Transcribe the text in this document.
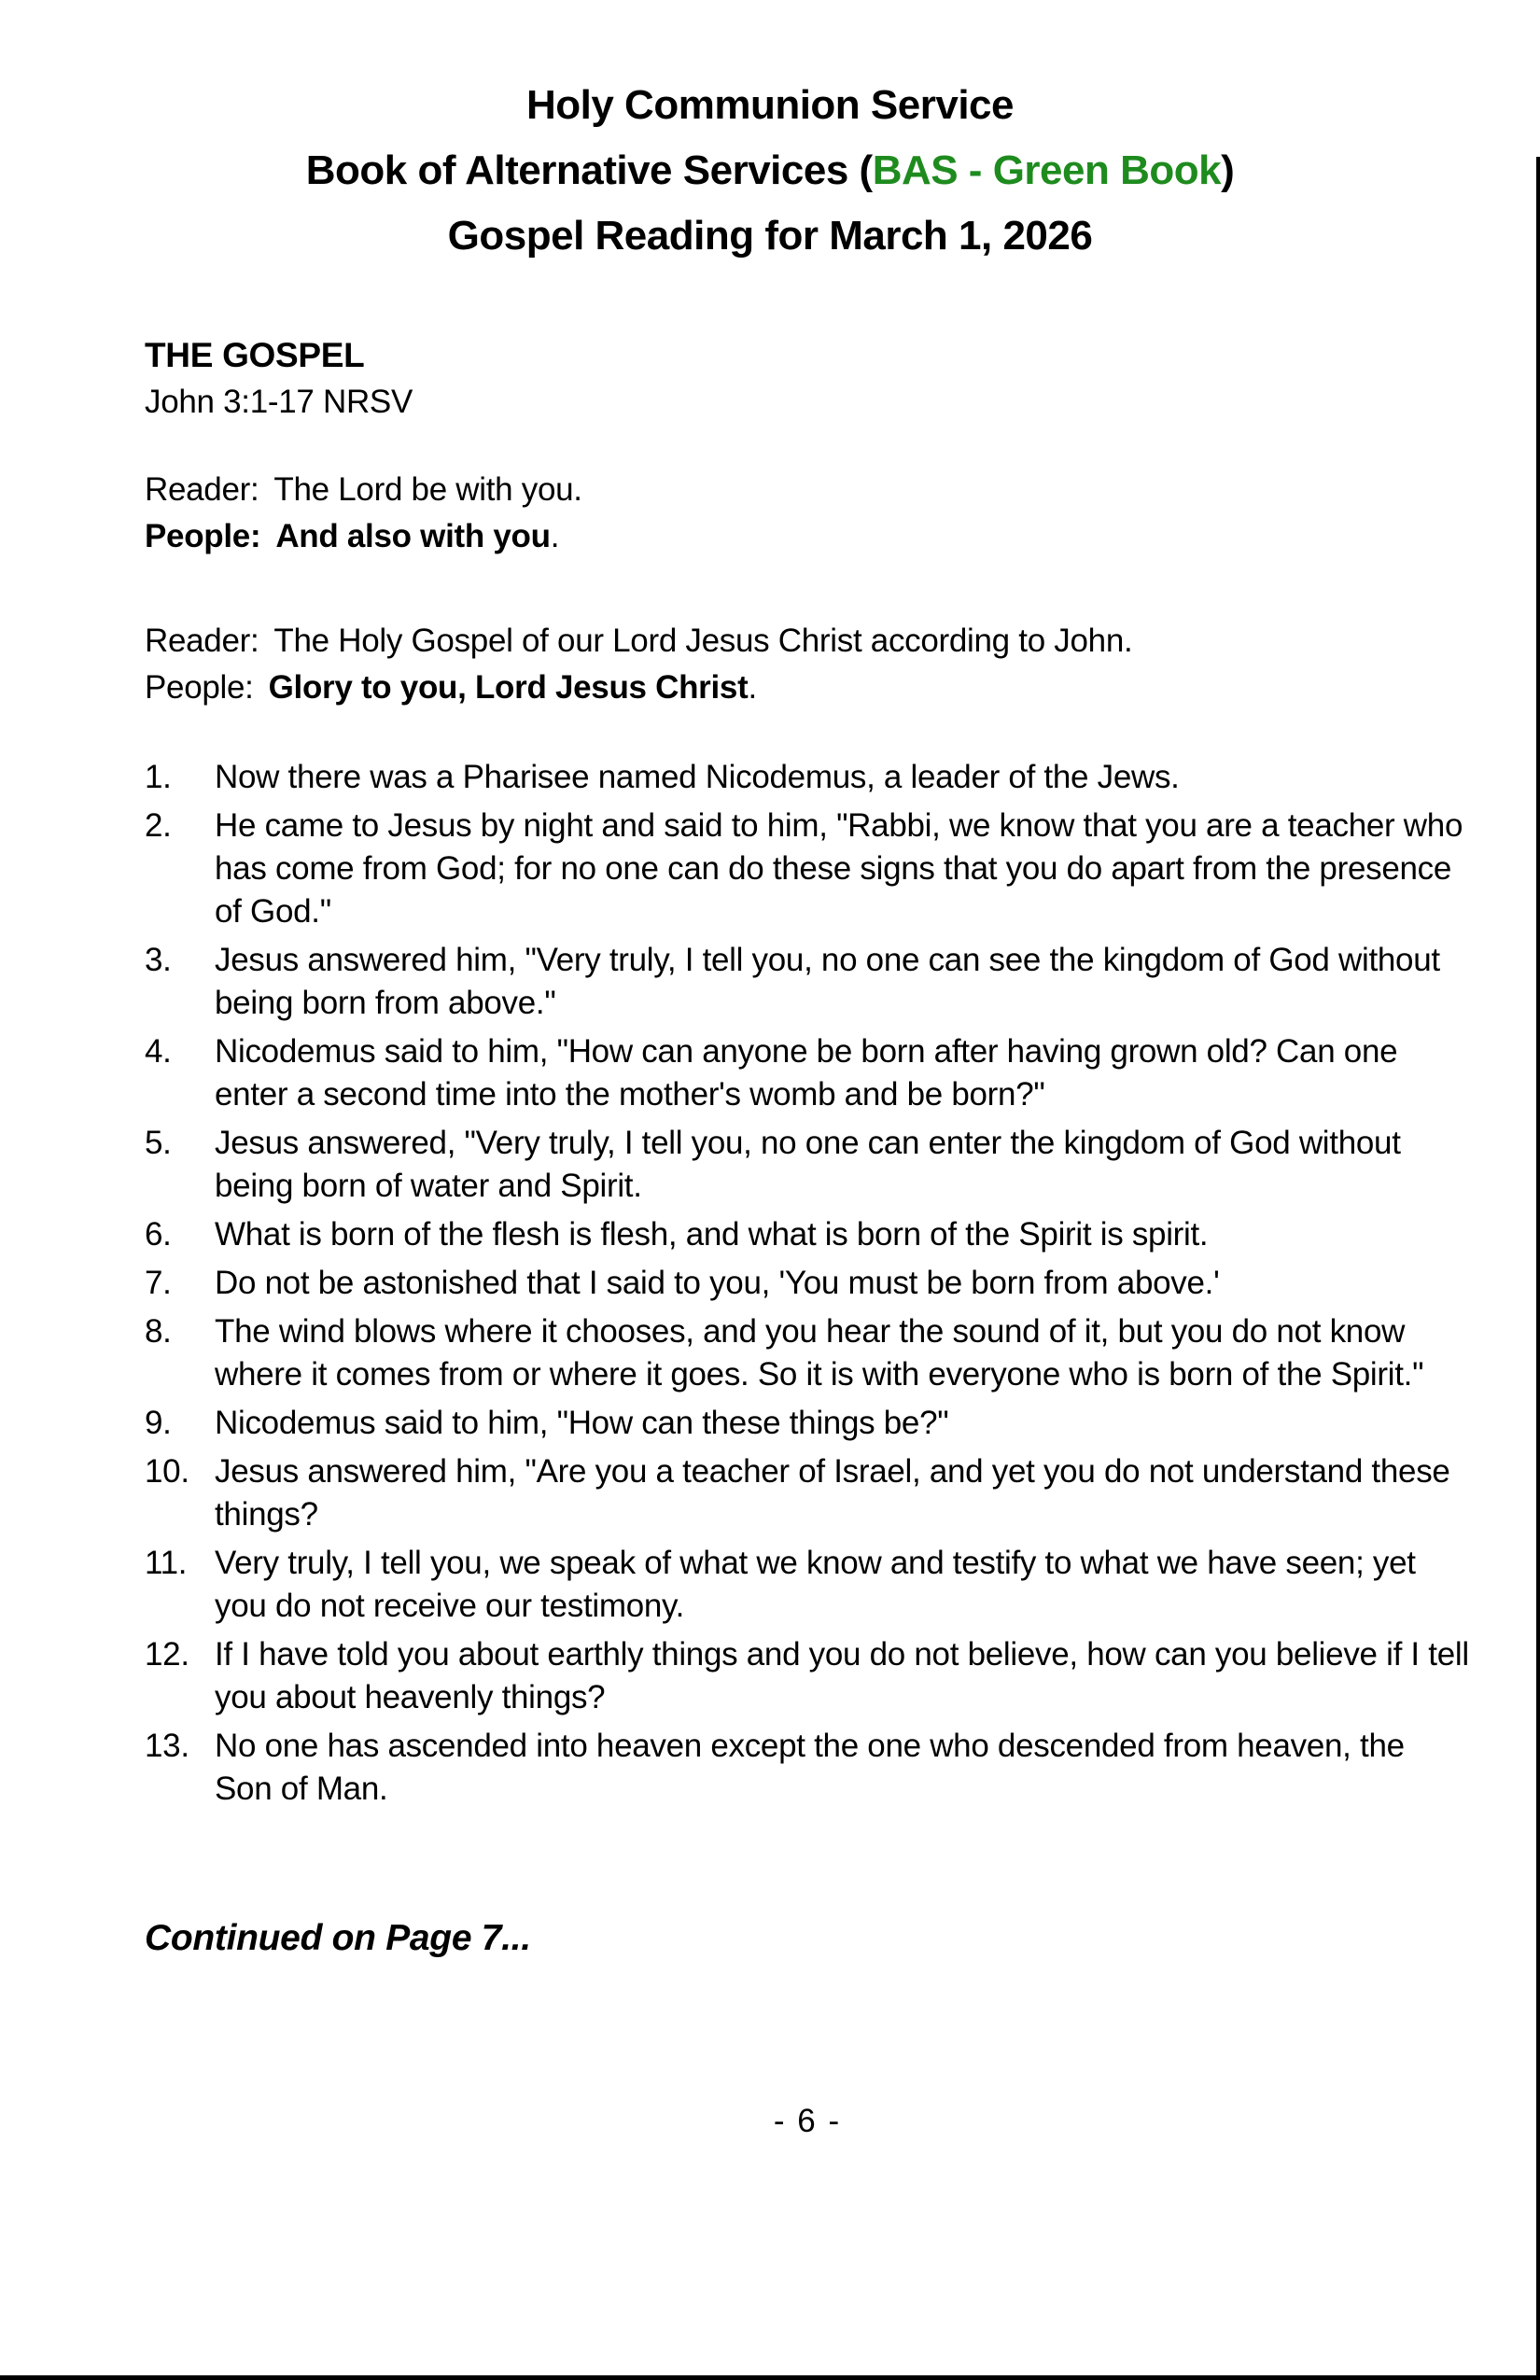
Holy Communion Service
Book of Alternative Services (BAS - Green Book)
Gospel Reading for March 1, 2026
THE GOSPEL
John 3:1-17 NRSV

Reader: The Lord be with you.

People: And also with you.

Reader: The Holy Gospel of our Lord Jesus Christ according to John.

People: Glory to you, Lord Jesus Christ.

1.	Now there was a Pharisee named Nicodemus, a leader of the Jews.
2.	He came to Jesus by night and said to him, "Rabbi, we know that you are a teacher who has come from God; for no one can do these signs that you do apart from the presence of God."
3.	Jesus answered him, "Very truly, I tell you, no one can see the kingdom of God without being born from above."
4.	Nicodemus said to him, "How can anyone be born after having grown old? Can one enter a second time into the mother's womb and be born?"
5.	Jesus answered, "Very truly, I tell you, no one can enter the kingdom of God without being born of water and Spirit.
6.	What is born of the flesh is flesh, and what is born of the Spirit is spirit.
7.	Do not be astonished that I said to you, 'You must be born from above.'
8.	The wind blows where it chooses, and you hear the sound of it, but you do not know where it comes from or where it goes. So it is with everyone who is born of the Spirit."
9.	Nicodemus said to him, "How can these things be?"
10. Jesus answered him, "Are you a teacher of Israel, and yet you do not understand these things?
11. Very truly, I tell you, we speak of what we know and testify to what we have seen; yet you do not receive our testimony.
12. If I have told you about earthly things and you do not believe, how can you believe if I tell you about heavenly things?
13. No one has ascended into heaven except the one who descended from heaven, the Son of Man.

Continued on Page 7...

- 6 -
